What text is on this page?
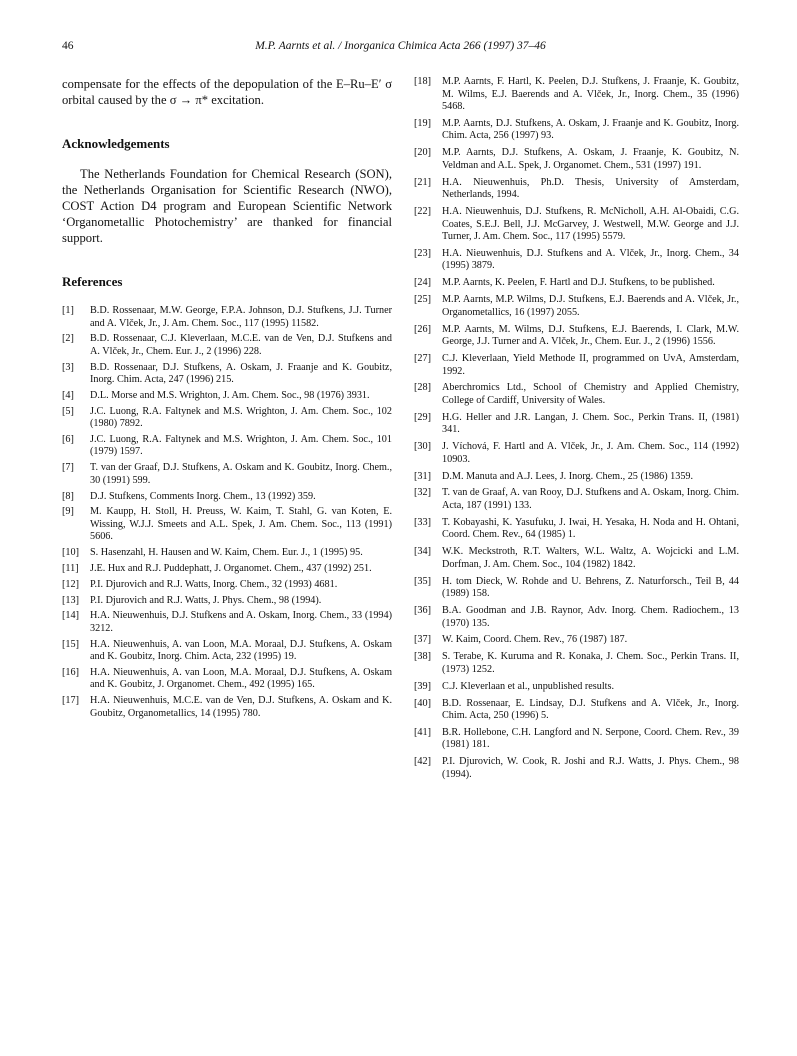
46	M.P. Aarnts et al. / Inorganica Chimica Acta 266 (1997) 37–46

compensate for the effects of the depopulation of the E–Ru–E′ σ orbital caused by the σ → π* excitation.

Acknowledgements

The Netherlands Foundation for Chemical Research (SON), the Netherlands Organisation for Scientific Research (NWO), COST Action D4 program and European Scientific Network ‘Organometallic Photochemistry’ are thanked for financial support.

References
[1]	B.D. Rossenaar, M.W. George, F.P.A. Johnson, D.J. Stufkens, J.J. Turner and A. Vlček, Jr., J. Am. Chem. Soc., 117 (1995) 11582.
[2]	B.D. Rossenaar, C.J. Kleverlaan, M.C.E. van de Ven, D.J. Stufkens and A. Vlček, Jr., Chem. Eur. J., 2 (1996) 228.
[3]	B.D. Rossenaar, D.J. Stufkens, A. Oskam, J. Fraanje and K. Goubitz, Inorg. Chim. Acta, 247 (1996) 215.
[4]	D.L. Morse and M.S. Wrighton, J. Am. Chem. Soc., 98 (1976) 3931.
[5]	J.C. Luong, R.A. Faltynek and M.S. Wrighton, J. Am. Chem. Soc., 102 (1980) 7892.
[6]	J.C. Luong, R.A. Faltynek and M.S. Wrighton, J. Am. Chem. Soc., 101 (1979) 1597.
[7]	T. van der Graaf, D.J. Stufkens, A. Oskam and K. Goubitz, Inorg. Chem., 30 (1991) 599.
[8]	D.J. Stufkens, Comments Inorg. Chem., 13 (1992) 359.
[9]	M. Kaupp, H. Stoll, H. Preuss, W. Kaim, T. Stahl, G. van Koten, E. Wissing, W.J.J. Smeets and A.L. Spek, J. Am. Chem. Soc., 113 (1991) 5606.
[10]	S. Hasenzahl, H. Hausen and W. Kaim, Chem. Eur. J., 1 (1995) 95.
[11]	J.E. Hux and R.J. Puddephatt, J. Organomet. Chem., 437 (1992) 251.
[12]	P.I. Djurovich and R.J. Watts, Inorg. Chem., 32 (1993) 4681.
[13]	P.I. Djurovich and R.J. Watts, J. Phys. Chem., 98 (1994).
[14]	H.A. Nieuwenhuis, D.J. Stufkens and A. Oskam, Inorg. Chem., 33 (1994) 3212.
[15]	H.A. Nieuwenhuis, A. van Loon, M.A. Moraal, D.J. Stufkens, A. Oskam and K. Goubitz, Inorg. Chim. Acta, 232 (1995) 19.
[16]	H.A. Nieuwenhuis, A. van Loon, M.A. Moraal, D.J. Stufkens, A. Oskam and K. Goubitz, J. Organomet. Chem., 492 (1995) 165.
[17]	H.A. Nieuwenhuis, M.C.E. van de Ven, D.J. Stufkens, A. Oskam and K. Goubitz, Organometallics, 14 (1995) 780.
[18]	M.P. Aarnts, F. Hartl, K. Peelen, D.J. Stufkens, J. Fraanje, K. Goubitz, M. Wilms, E.J. Baerends and A. Vlček, Jr., Inorg. Chem., 35 (1996) 5468.
[19]	M.P. Aarnts, D.J. Stufkens, A. Oskam, J. Fraanje and K. Goubitz, Inorg. Chim. Acta, 256 (1997) 93.
[20]	M.P. Aarnts, D.J. Stufkens, A. Oskam, J. Fraanje, K. Goubitz, N. Veldman and A.L. Spek, J. Organomet. Chem., 531 (1997) 191.
[21]	H.A. Nieuwenhuis, Ph.D. Thesis, University of Amsterdam, Netherlands, 1994.
[22]	H.A. Nieuwenhuis, D.J. Stufkens, R. McNicholl, A.H. Al-Obaidi, C.G. Coates, S.E.J. Bell, J.J. McGarvey, J. Westwell, M.W. George and J.J. Turner, J. Am. Chem. Soc., 117 (1995) 5579.
[23]	H.A. Nieuwenhuis, D.J. Stufkens and A. Vlček, Jr., Inorg. Chem., 34 (1995) 3879.
[24]	M.P. Aarnts, K. Peelen, F. Hartl and D.J. Stufkens, to be published.
[25]	M.P. Aarnts, M.P. Wilms, D.J. Stufkens, E.J. Baerends and A. Vlček, Jr., Organometallics, 16 (1997) 2055.
[26]	M.P. Aarnts, M. Wilms, D.J. Stufkens, E.J. Baerends, I. Clark, M.W. George, J.J. Turner and A. Vlček, Jr., Chem. Eur. J., 2 (1996) 1556.
[27]	C.J. Kleverlaan, Yield Methode II, programmed on UvA, Amsterdam, 1992.
[28]	Aberchromics Ltd., School of Chemistry and Applied Chemistry, College of Cardiff, University of Wales.
[29]	H.G. Heller and J.R. Langan, J. Chem. Soc., Perkin Trans. II, (1981) 341.
[30]	J. Víchová, F. Hartl and A. Vlček, Jr., J. Am. Chem. Soc., 114 (1992) 10903.
[31]	D.M. Manuta and A.J. Lees, J. Inorg. Chem., 25 (1986) 1359.
[32]	T. van de Graaf, A. van Rooy, D.J. Stufkens and A. Oskam, Inorg. Chim. Acta, 187 (1991) 133.
[33]	T. Kobayashi, K. Yasufuku, J. Iwai, H. Yesaka, H. Noda and H. Ohtani, Coord. Chem. Rev., 64 (1985) 1.
[34]	W.K. Meckstroth, R.T. Walters, W.L. Waltz, A. Wojcicki and L.M. Dorfman, J. Am. Chem. Soc., 104 (1982) 1842.
[35]	H. tom Dieck, W. Rohde and U. Behrens, Z. Naturforsch., Teil B, 44 (1989) 158.
[36]	B.A. Goodman and J.B. Raynor, Adv. Inorg. Chem. Radiochem., 13 (1970) 135.
[37]	W. Kaim, Coord. Chem. Rev., 76 (1987) 187.
[38]	S. Terabe, K. Kuruma and R. Konaka, J. Chem. Soc., Perkin Trans. II, (1973) 1252.
[39]	C.J. Kleverlaan et al., unpublished results.
[40]	B.D. Rossenaar, E. Lindsay, D.J. Stufkens and A. Vlček, Jr., Inorg. Chim. Acta, 250 (1996) 5.
[41]	B.R. Hollebone, C.H. Langford and N. Serpone, Coord. Chem. Rev., 39 (1981) 181.
[42]	P.I. Djurovich, W. Cook, R. Joshi and R.J. Watts, J. Phys. Chem., 98 (1994).
